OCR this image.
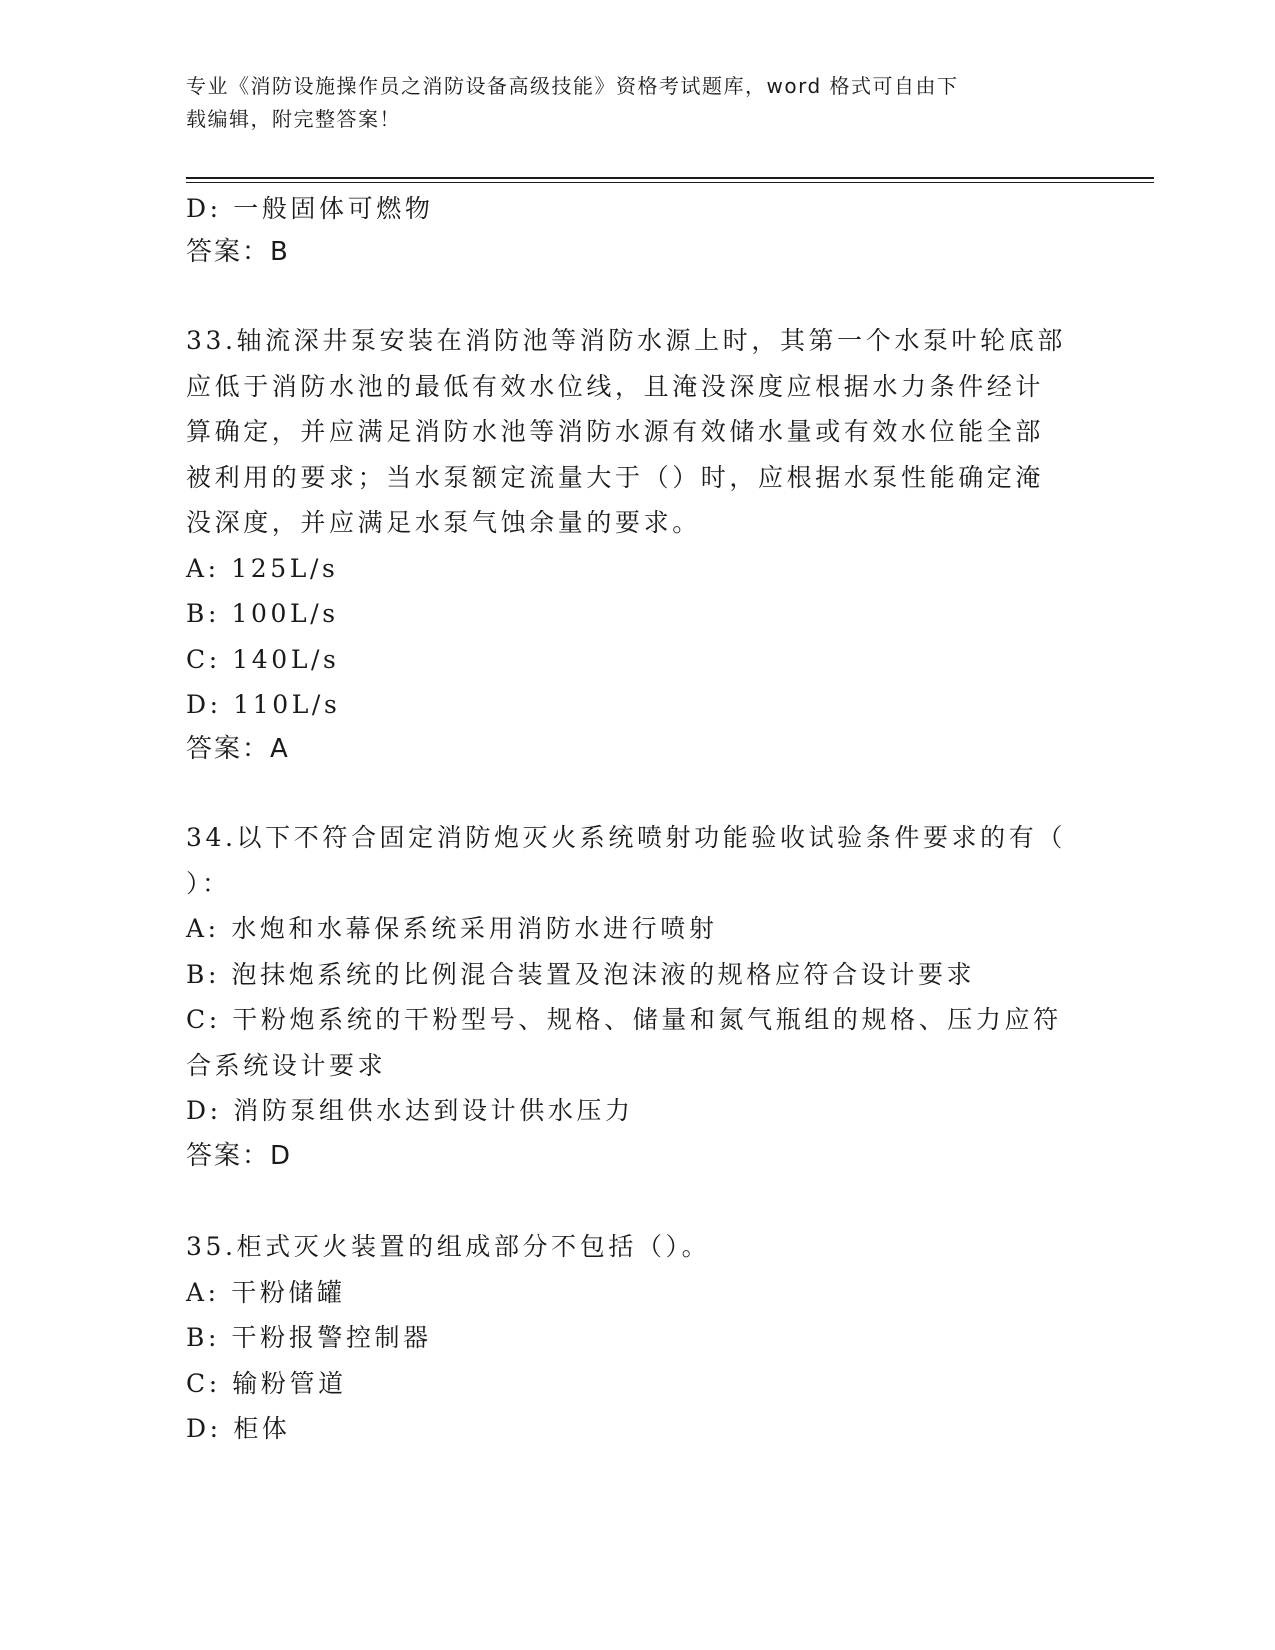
专业《消防设施操作员之消防设备高级技能》资格考试题库，word 格式可自由下
载编辑，附完整答案！
D: 一般固体可燃物
答案：B
33.轴流深井泵安装在消防池等消防水源上时，其第一个水泵叶轮底部
应低于消防水池的最低有效水位线，且淹没深度应根据水力条件经计
算确定，并应满足消防水池等消防水源有效储水量或有效水位能全部
被利用的要求；当水泵额定流量大于（）时，应根据水泵性能确定淹
没深度，并应满足水泵气蚀余量的要求。
A: 125L/s
B: 100L/s
C: 140L/s
D: 110L/s
答案：A
34.以下不符合固定消防炮灭火系统喷射功能验收试验条件要求的有（
）：
A: 水炮和水幕保系统采用消防水进行喷射
B: 泡抹炮系统的比例混合装置及泡沫液的规格应符合设计要求
C: 干粉炮系统的干粉型号、规格、储量和氮气瓶组的规格、压力应符
合系统设计要求
D: 消防泵组供水达到设计供水压力
答案：D
35.柜式灭火装置的组成部分不包括（）。
A: 干粉储罐
B: 干粉报警控制器
C: 输粉管道
D: 柜体
